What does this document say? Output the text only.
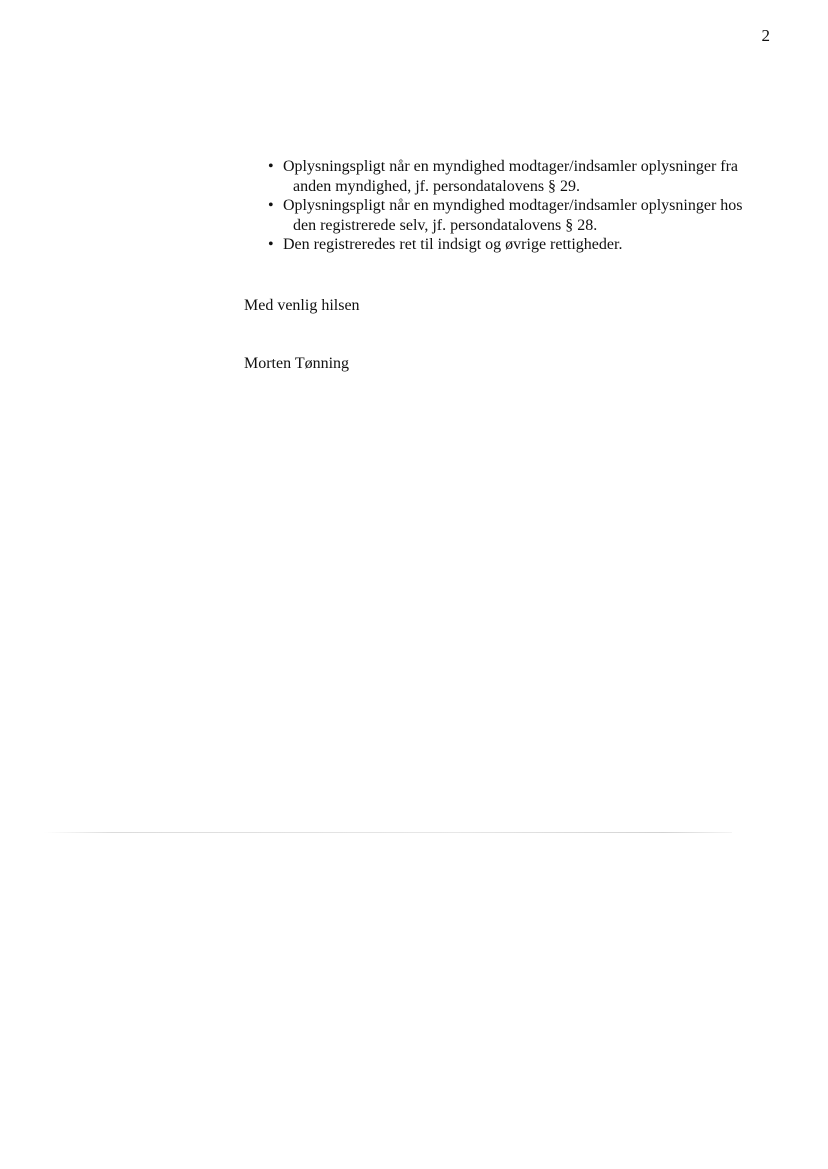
2
• Oplysningspligt når en myndighed modtager/indsamler oplysninger fra
anden myndighed, jf. persondatalovens § 29.
• Oplysningspligt når en myndighed modtager/indsamler oplysninger hos
den registrerede selv, jf. persondatalovens § 28.
• Den registreredes ret til indsigt og øvrige rettigheder.
Med venlig hilsen
Morten Tønning
